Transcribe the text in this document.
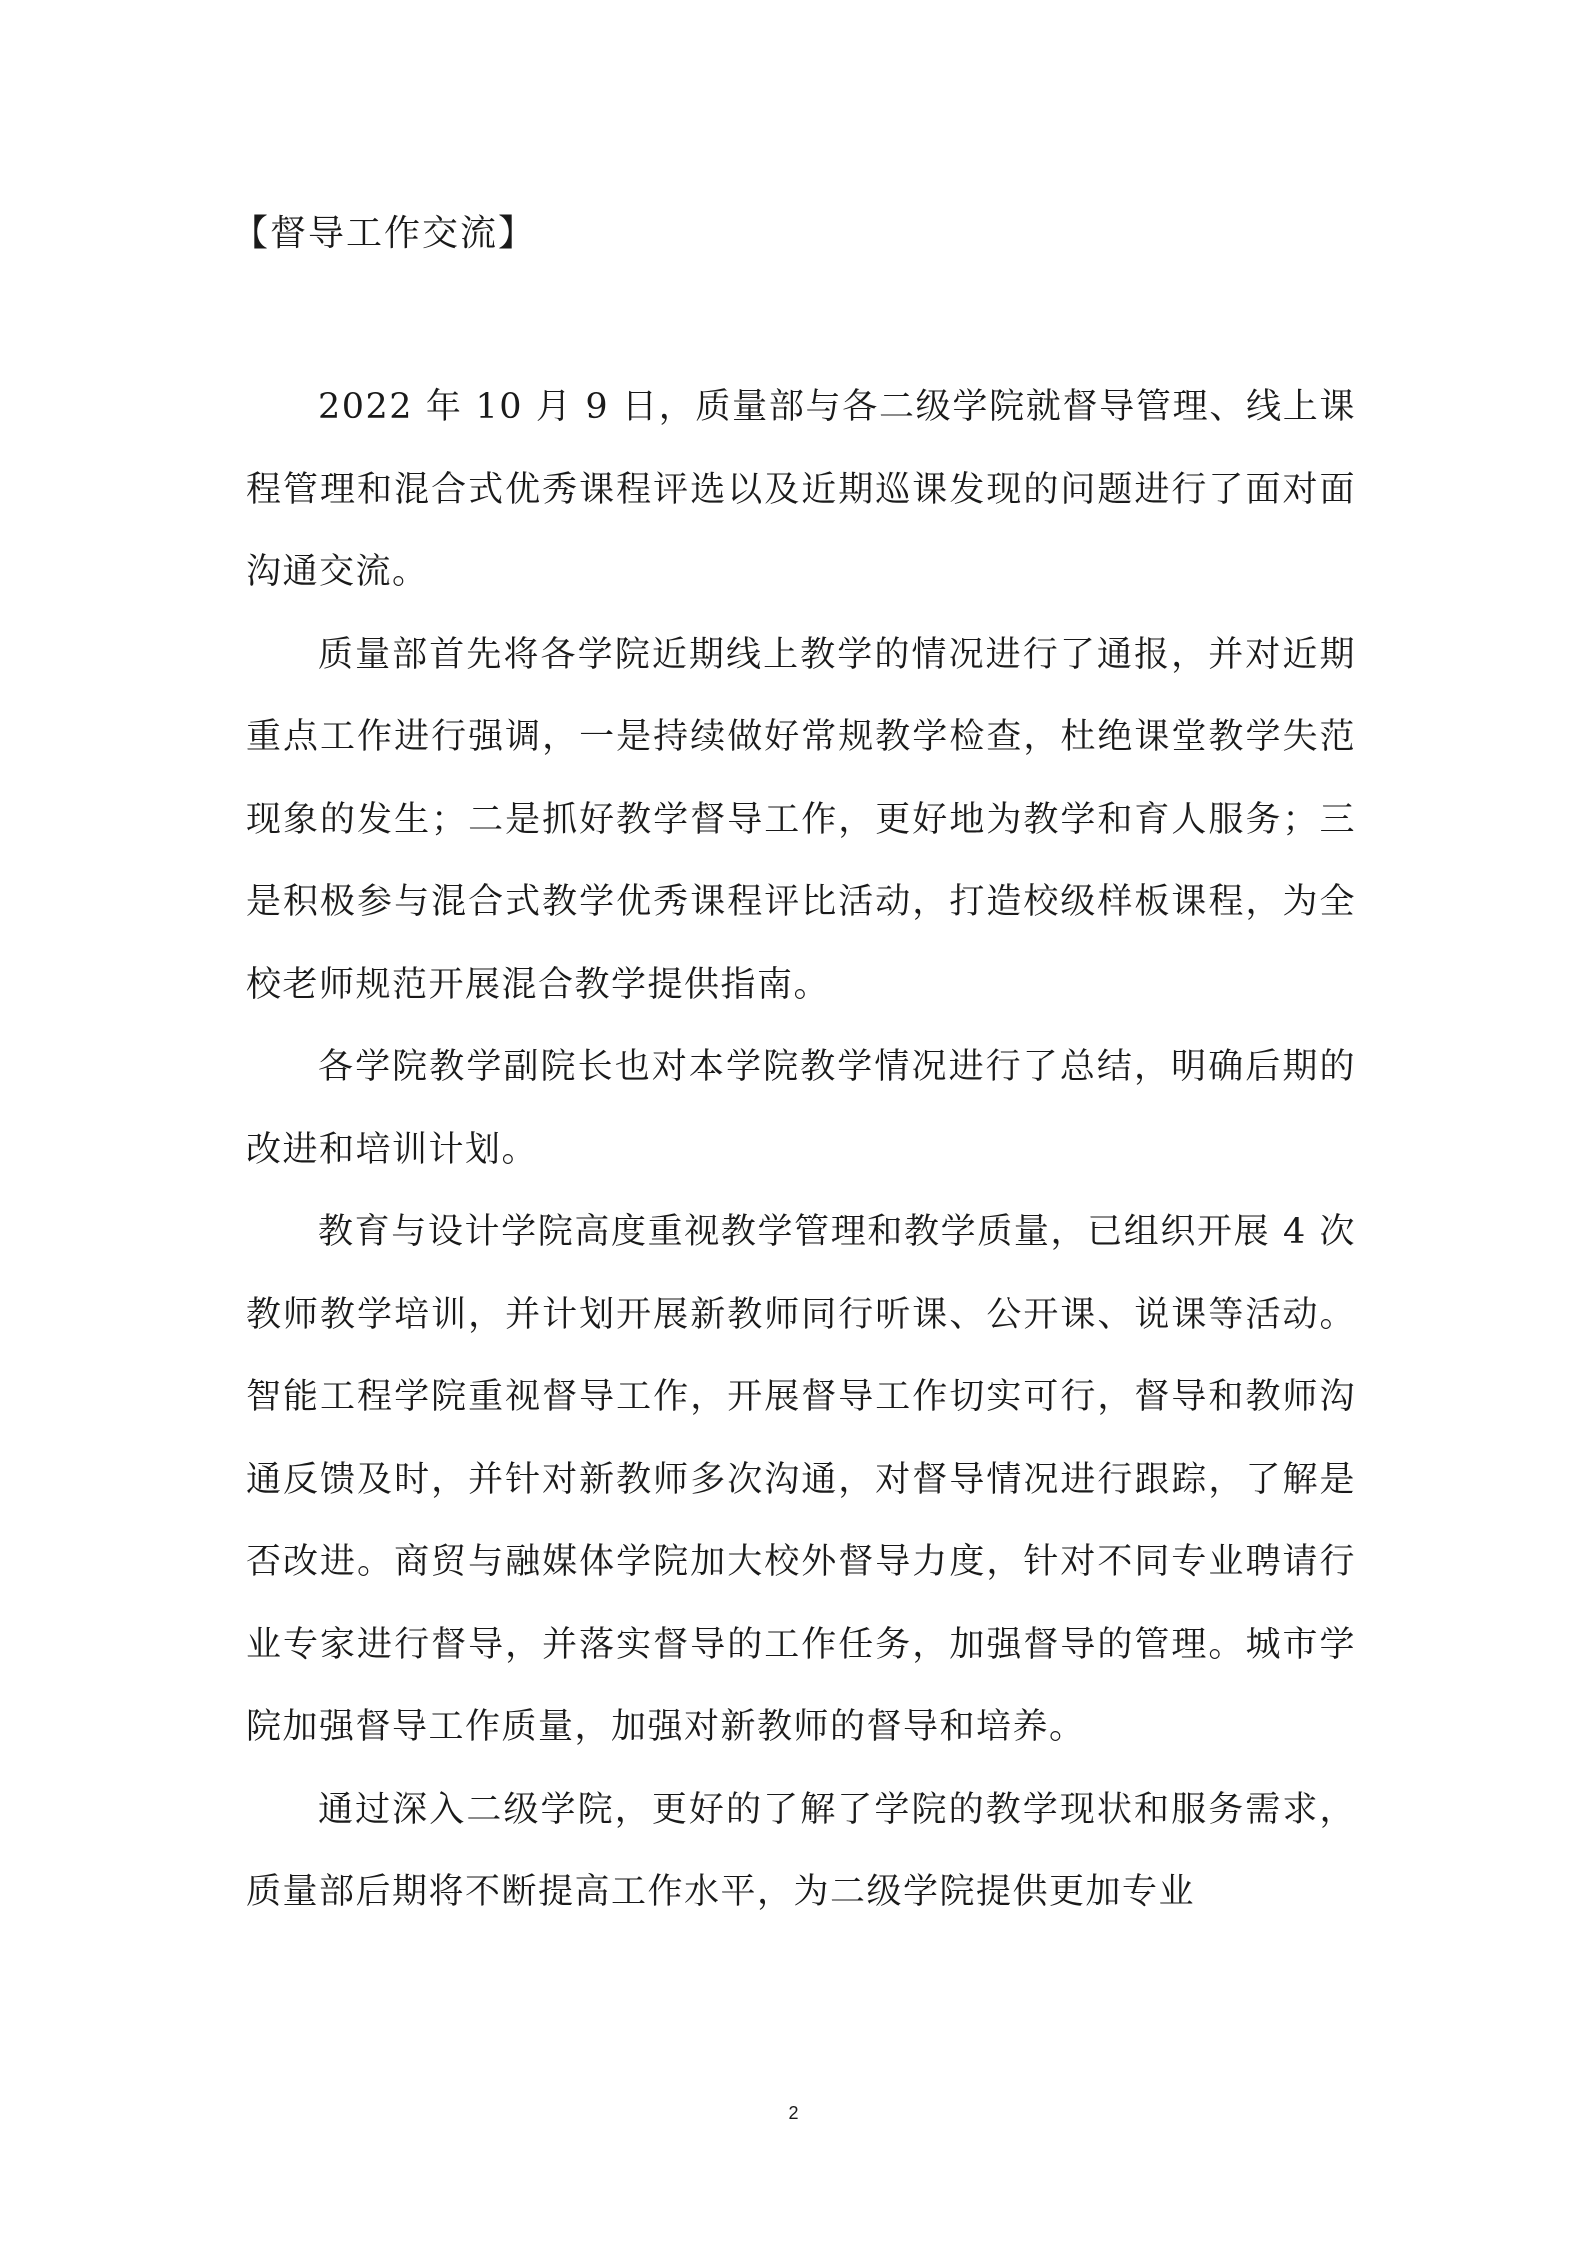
【督导工作交流】

2022 年 10 月 9 日，质量部与各二级学院就督导管理、线上课程管理和混合式优秀课程评选以及近期巡课发现的问题进行了面对面沟通交流。

质量部首先将各学院近期线上教学的情况进行了通报，并对近期重点工作进行强调，一是持续做好常规教学检查，杜绝课堂教学失范现象的发生；二是抓好教学督导工作，更好地为教学和育人服务；三是积极参与混合式教学优秀课程评比活动，打造校级样板课程，为全校老师规范开展混合教学提供指南。

各学院教学副院长也对本学院教学情况进行了总结，明确后期的改进和培训计划。

教育与设计学院高度重视教学管理和教学质量，已组织开展 4 次教师教学培训，并计划开展新教师同行听课、公开课、说课等活动。智能工程学院重视督导工作，开展督导工作切实可行，督导和教师沟通反馈及时，并针对新教师多次沟通，对督导情况进行跟踪，了解是否改进。商贸与融媒体学院加大校外督导力度，针对不同专业聘请行业专家进行督导，并落实督导的工作任务，加强督导的管理。城市学院加强督导工作质量，加强对新教师的督导和培养。

通过深入二级学院，更好的了解了学院的教学现状和服务需求，质量部后期将不断提高工作水平，为二级学院提供更加专业

2
